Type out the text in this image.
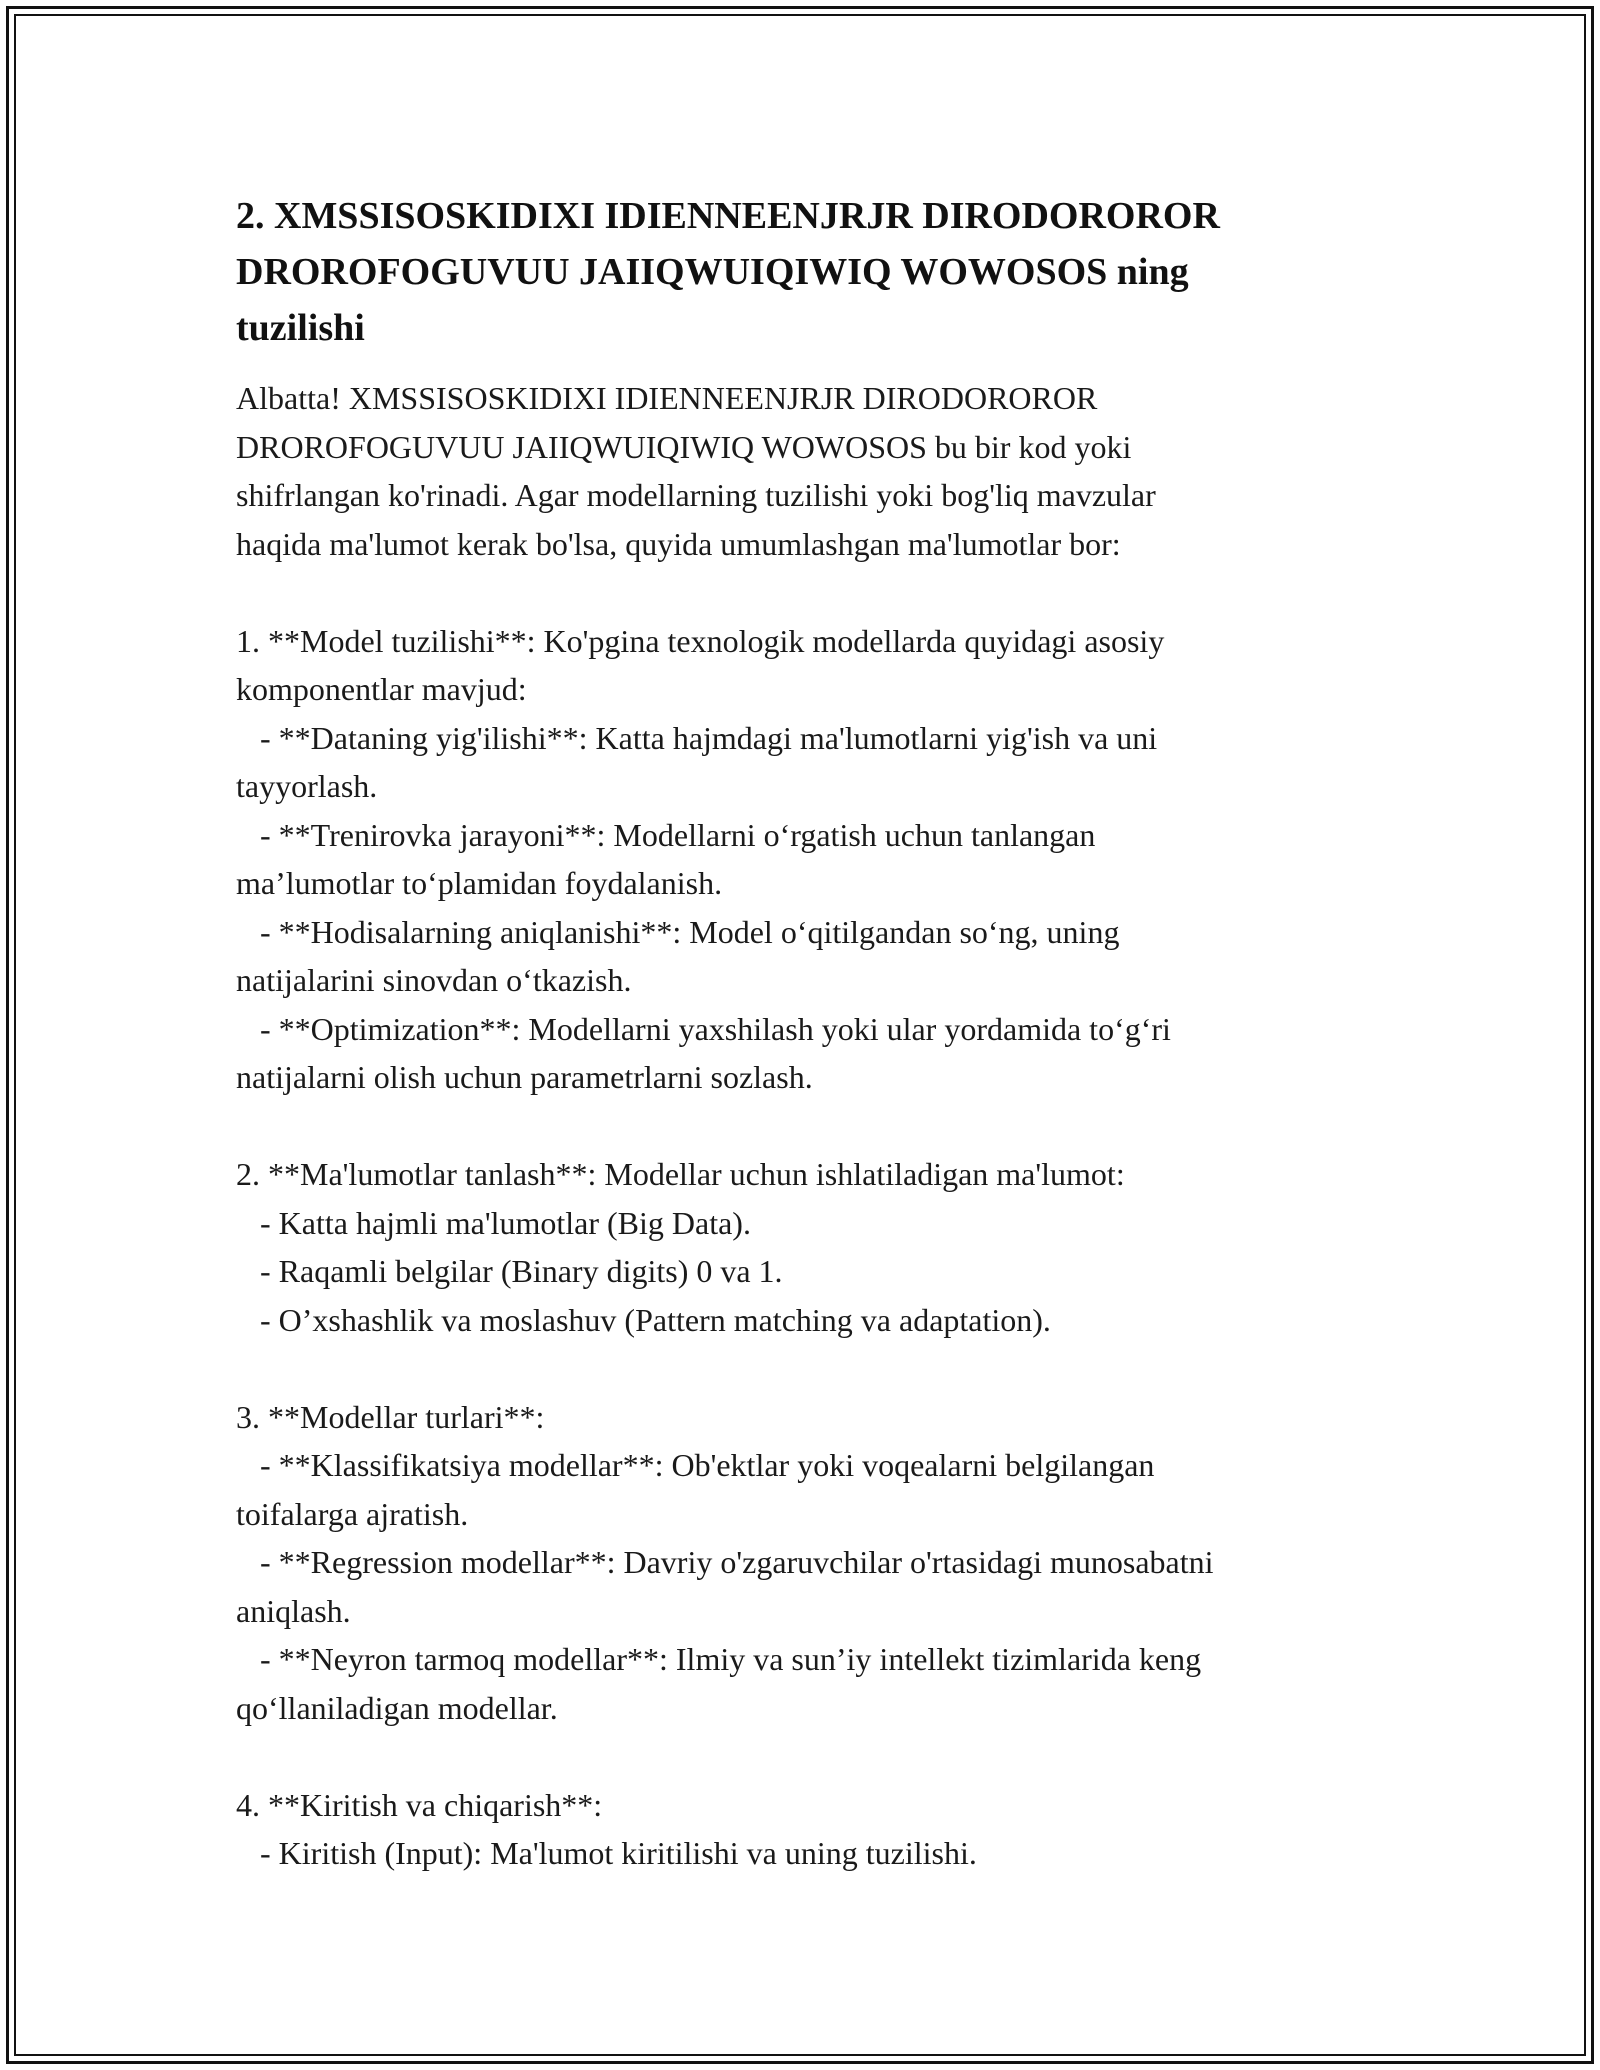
2. XMSSISOSKIDIXI IDIENNEENJRJR DIRODOROROR
DROROFOGUVUU JAIIQWUIQIWIQ WOWOSOS ning
tuzilishi
Albatta! XMSSISOSKIDIXI IDIENNEENJRJR DIRODOROROR
DROROFOGUVUU JAIIQWUIQIWIQ WOWOSOS bu bir kod yoki
shifrlangan ko'rinadi. Agar modellarning tuzilishi yoki bog'liq mavzular
haqida ma'lumot kerak bo'lsa, quyida umumlashgan ma'lumotlar bor:
1. **Model tuzilishi**: Ko'pgina texnologik modellarda quyidagi asosiy
komponentlar mavjud:
- **Dataning yig'ilishi**: Katta hajmdagi ma'lumotlarni yig'ish va uni
tayyorlash.
- **Trenirovka jarayoni**: Modellarni o‘rgatish uchun tanlangan
ma’lumotlar to‘plamidan foydalanish.
- **Hodisalarning aniqlanishi**: Model o‘qitilgandan so‘ng, uning
natijalarini sinovdan o‘tkazish.
- **Optimization**: Modellarni yaxshilash yoki ular yordamida to‘g‘ri
natijalarni olish uchun parametrlarni sozlash.
2. **Ma'lumotlar tanlash**: Modellar uchun ishlatiladigan ma'lumot:
- Katta hajmli ma'lumotlar (Big Data).
- Raqamli belgilar (Binary digits) 0 va 1.
- O’xshashlik va moslashuv (Pattern matching va adaptation).
3. **Modellar turlari**:
- **Klassifikatsiya modellar**: Ob'ektlar yoki voqealarni belgilangan
toifalarga ajratish.
- **Regression modellar**: Davriy o'zgaruvchilar o'rtasidagi munosabatni
aniqlash.
- **Neyron tarmoq modellar**: Ilmiy va sun’iy intellekt tizimlarida keng
qo‘llaniladigan modellar.
4. **Kiritish va chiqarish**:
- Kiritish (Input): Ma'lumot kiritilishi va uning tuzilishi.
